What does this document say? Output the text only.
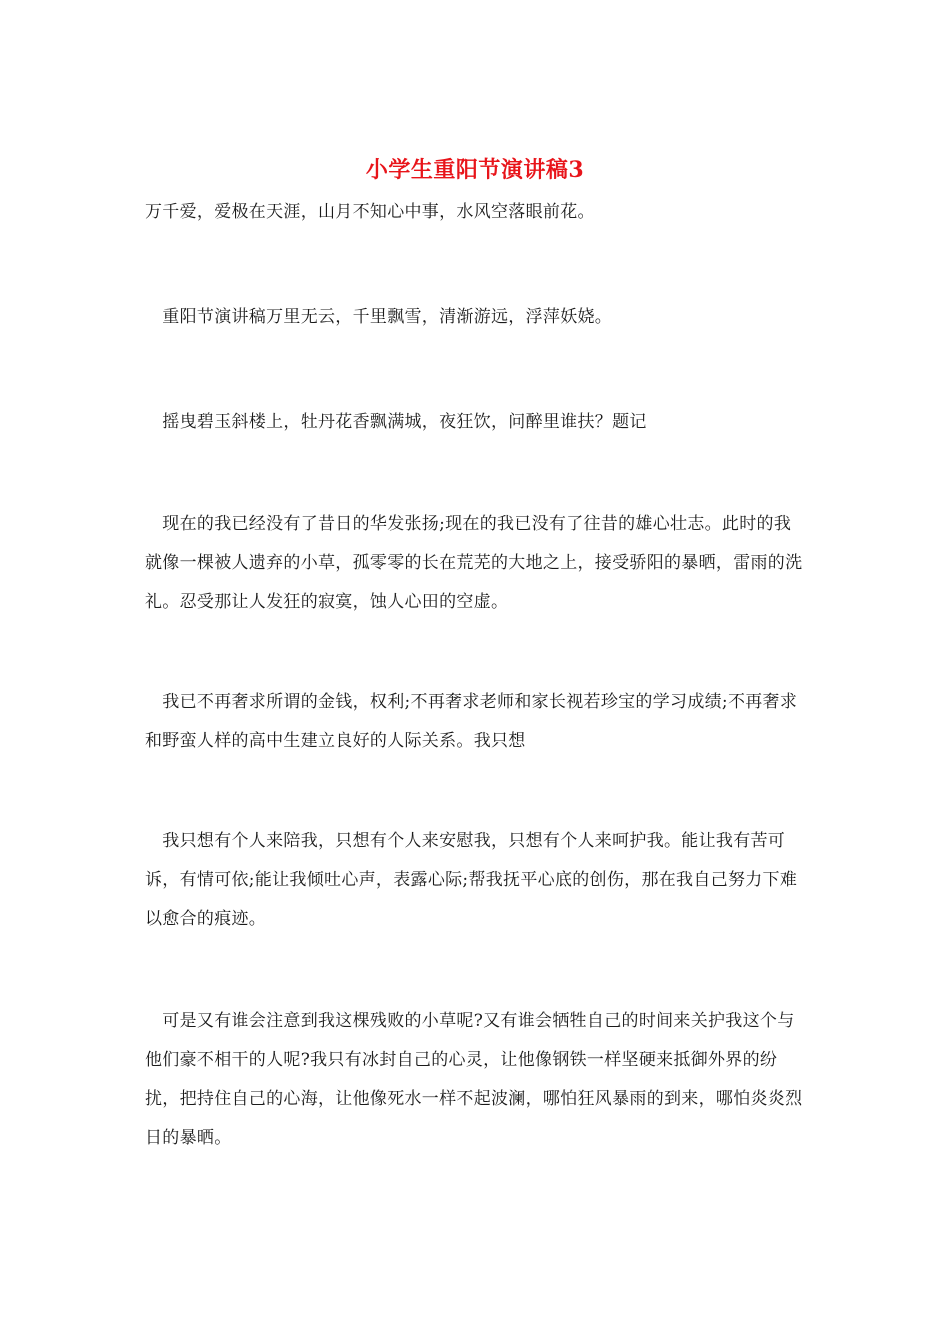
小学生重阳节演讲稿3

万千爱，爱极在天涯，山月不知心中事，水风空落眼前花。

　重阳节演讲稿万里无云，千里飘雪，清渐游远，浮萍妖娆。

　摇曳碧玉斜楼上，牡丹花香飘满城，夜狂饮，问醉里谁扶？题记

　现在的我已经没有了昔日的华发张扬;现在的我已没有了往昔的雄心壮志。此时的我就像一棵被人遗弃的小草，孤零零的长在荒芜的大地之上，接受骄阳的暴晒，雷雨的洗礼。忍受那让人发狂的寂寞，蚀人心田的空虚。

　我已不再奢求所谓的金钱，权利;不再奢求老师和家长视若珍宝的学习成绩;不再奢求和野蛮人样的高中生建立良好的人际关系。我只想

　我只想有个人来陪我，只想有个人来安慰我，只想有个人来呵护我。能让我有苦可诉，有情可依;能让我倾吐心声，表露心际;帮我抚平心底的创伤，那在我自己努力下难以愈合的痕迹。

　可是又有谁会注意到我这棵残败的小草呢?又有谁会牺牲自己的时间来关护我这个与他们豪不相干的人呢?我只有冰封自己的心灵，让他像钢铁一样坚硬来抵御外界的纷扰，把持住自己的心海，让他像死水一样不起波澜，哪怕狂风暴雨的到来，哪怕炎炎烈日的暴晒。
